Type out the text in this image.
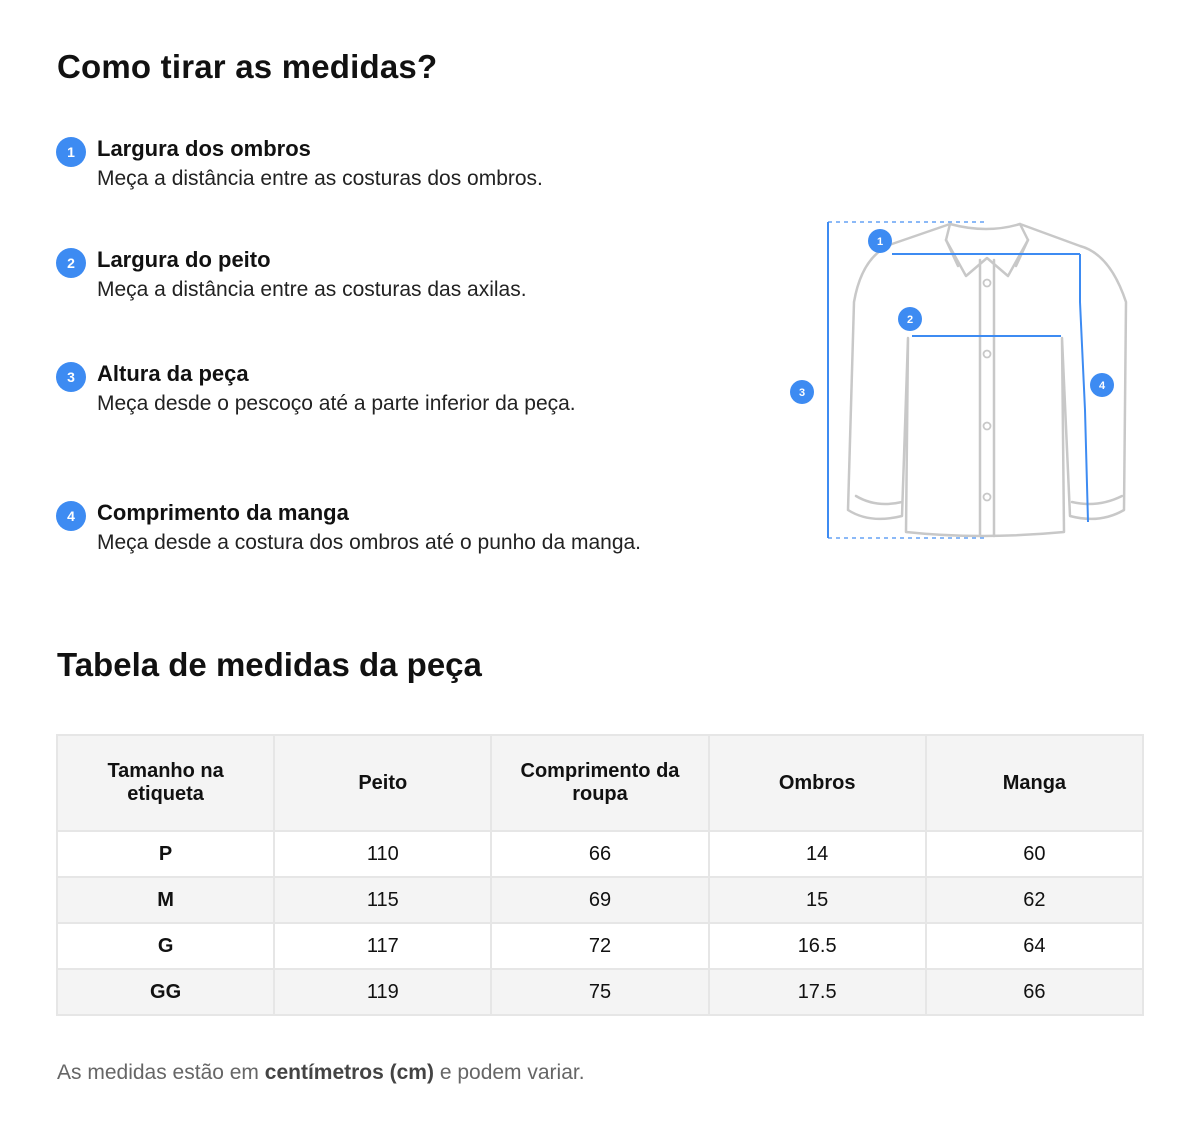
Como tirar as medidas?
1	Largura dos ombros
Meça a distância entre as costuras dos ombros.
2	Largura do peito
Meça a distância entre as costuras das axilas.
3	Altura da peça
Meça desde o pescoço até a parte inferior da peça.
4	Comprimento da manga
Meça desde a costura dos ombros até o punho da manga.
1
2
3
4
Tabela de medidas da peça
Tamanho na etiqueta	Peito	Comprimento da roupa	Ombros	Manga
P	110	66	14	60
M	115	69	15	62
G	117	72	16.5	64
GG	119	75	17.5	66

As medidas estão em centímetros (cm) e podem variar.
